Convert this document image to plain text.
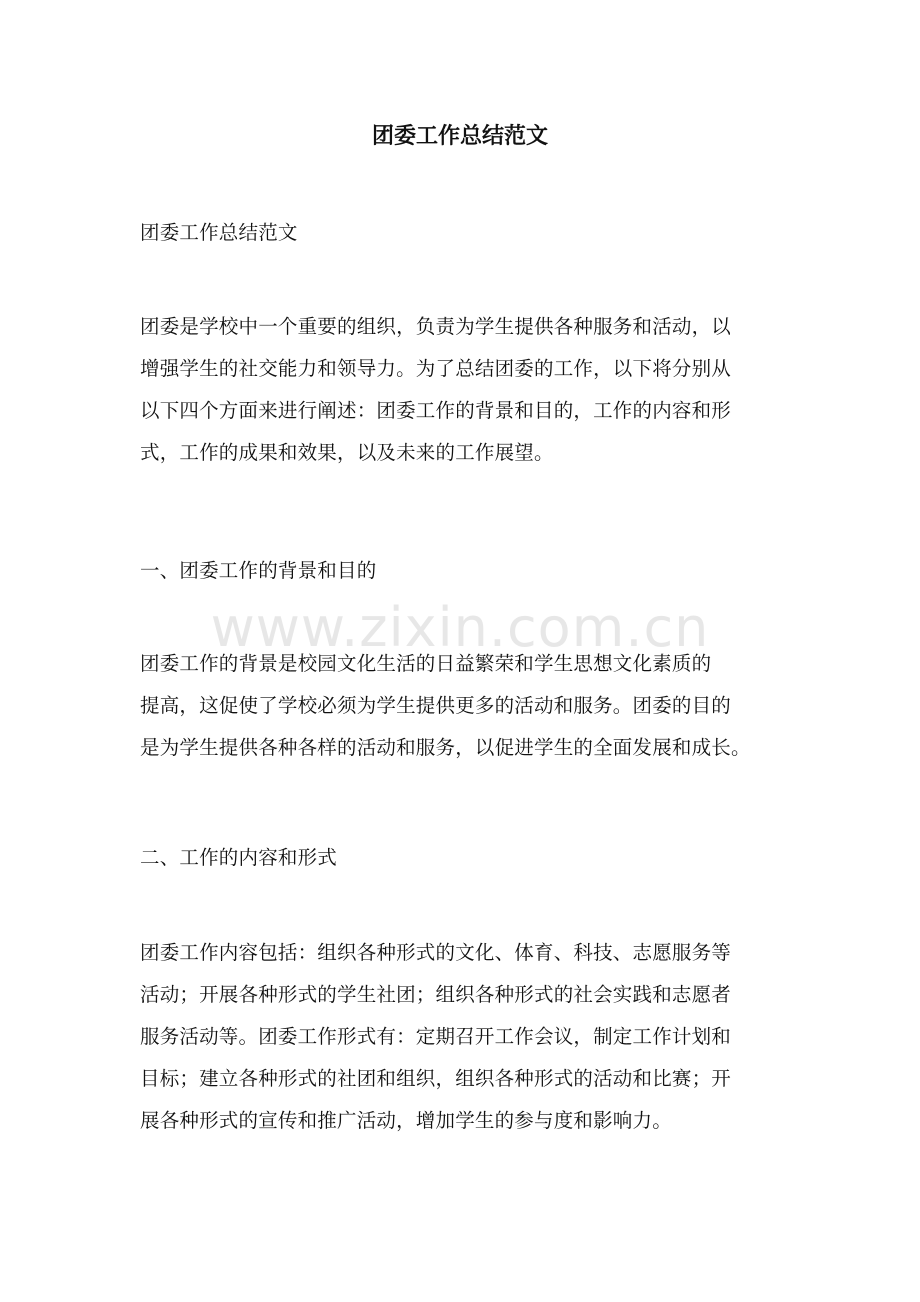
团委工作总结范文

团委工作总结范文

团委是学校中一个重要的组织，负责为学生提供各种服务和活动，以
增强学生的社交能力和领导力。为了总结团委的工作，以下将分别从
以下四个方面来进行阐述：团委工作的背景和目的，工作的内容和形
式，工作的成果和效果，以及未来的工作展望。

一、团委工作的背景和目的

团委工作的背景是校园文化生活的日益繁荣和学生思想文化素质的
提高，这促使了学校必须为学生提供更多的活动和服务。团委的目的
是为学生提供各种各样的活动和服务，以促进学生的全面发展和成长。

二、工作的内容和形式

团委工作内容包括：组织各种形式的文化、体育、科技、志愿服务等
活动；开展各种形式的学生社团；组织各种形式的社会实践和志愿者
服务活动等。团委工作形式有：定期召开工作会议，制定工作计划和
目标；建立各种形式的社团和组织，组织各种形式的活动和比赛；开
展各种形式的宣传和推广活动，增加学生的参与度和影响力。

www.zixin.com.cn
